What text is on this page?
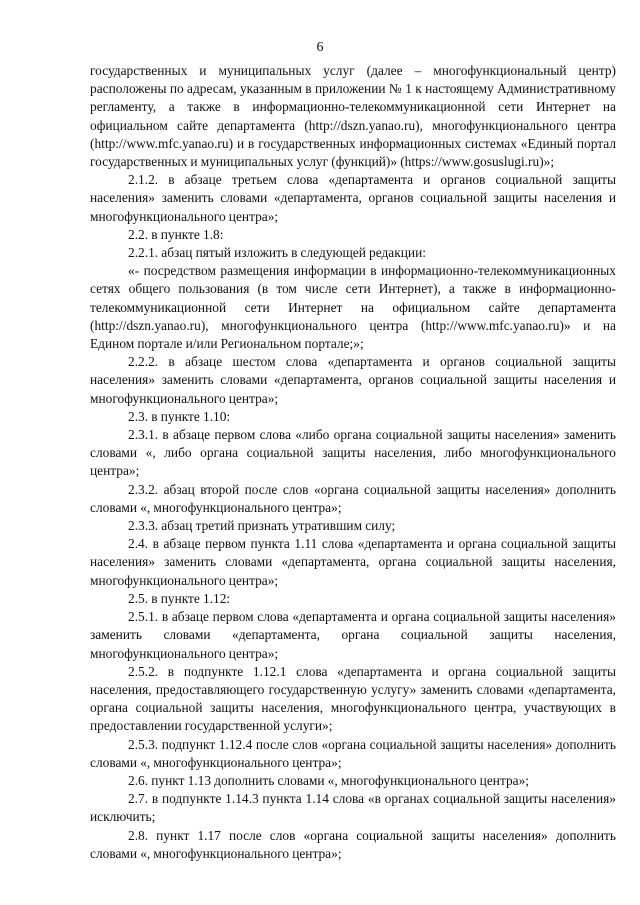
6

государственных и муниципальных услуг (далее – многофункциональный центр) расположены по адресам, указанным в приложении № 1 к настоящему Административному регламенту, а также в информационно-телекоммуникационной сети Интернет на официальном сайте департамента (http://dszn.yanao.ru), многофункционального центра (http://www.mfc.yanao.ru) и в государственных информационных системах «Единый портал государственных и муниципальных услуг (функций)» (https://www.gosuslugi.ru)»;

2.1.2. в абзаце третьем слова «департамента и органов социальной защиты населения» заменить словами «департамента, органов социальной защиты населения и многофункционального центра»;

2.2. в пункте 1.8:

2.2.1. абзац пятый изложить в следующей редакции:

«- посредством размещения информации в информационно-телекоммуникационных сетях общего пользования (в том числе сети Интернет), а также в информационно-телекоммуникационной сети Интернет на официальном сайте департамента (http://dszn.yanao.ru), многофункционального центра (http://www.mfc.yanao.ru)» и на Едином портале и/или Региональном портале;»;

2.2.2. в абзаце шестом слова «департамента и органов социальной защиты населения» заменить словами «департамента, органов социальной защиты населения и многофункционального центра»;

2.3. в пункте 1.10:

2.3.1. в абзаце первом слова «либо органа социальной защиты населения» заменить словами «, либо органа социальной защиты населения, либо многофункционального центра»;

2.3.2. абзац второй после слов «органа социальной защиты населения» дополнить словами «, многофункционального центра»;

2.3.3. абзац третий признать утратившим силу;

2.4. в абзаце первом пункта 1.11 слова «департамента и органа социальной защиты населения» заменить словами «департамента, органа социальной защиты населения, многофункционального центра»;

2.5. в пункте 1.12:

2.5.1. в абзаце первом слова «департамента и органа социальной защиты населения» заменить словами «департамента, органа социальной защиты населения, многофункционального центра»;

2.5.2. в подпункте 1.12.1 слова «департамента и органа социальной защиты населения, предоставляющего государственную услугу» заменить словами «департамента, органа социальной защиты населения, многофункционального центра, участвующих в предоставлении государственной услуги»;

2.5.3. подпункт 1.12.4 после слов «органа социальной защиты населения» дополнить словами «, многофункционального центра»;

2.6. пункт 1.13 дополнить словами «, многофункционального центра»;

2.7. в подпункте 1.14.3 пункта 1.14 слова «в органах социальной защиты населения» исключить;

2.8. пункт 1.17 после слов «органа социальной защиты населения» дополнить словами «, многофункционального центра»;
